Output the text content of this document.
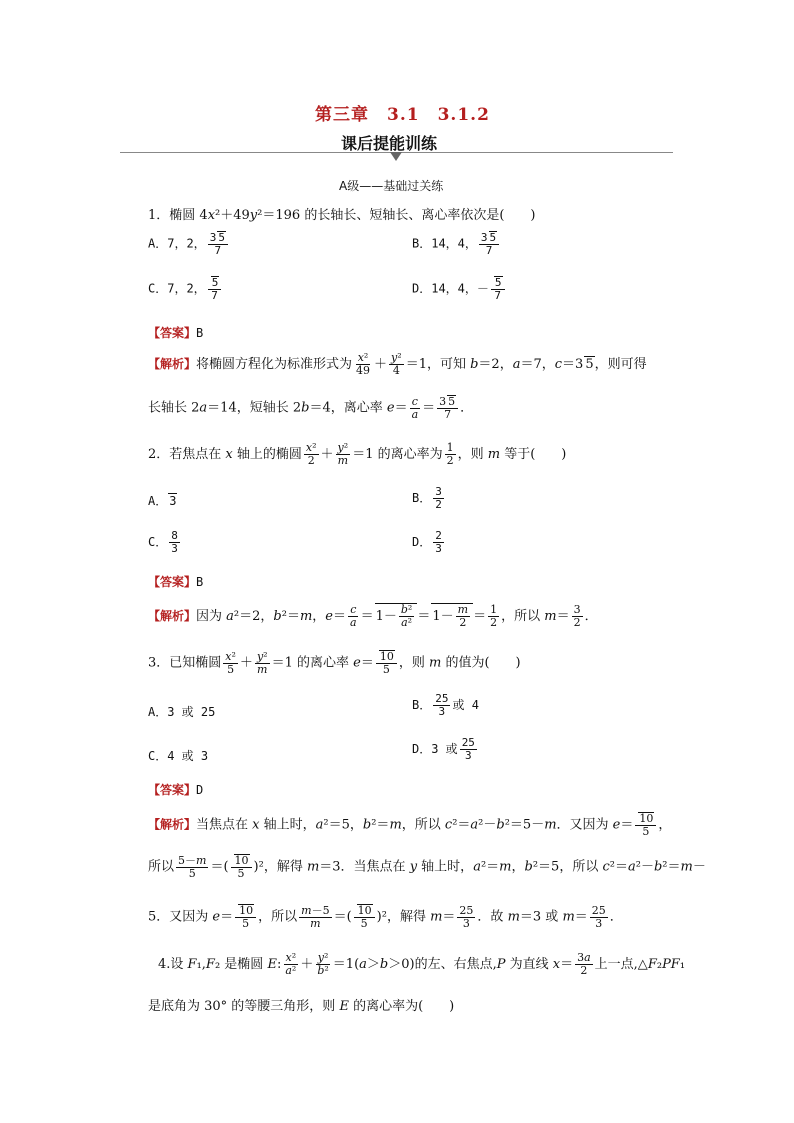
第三章　3.1　3.1.2
课后提能训练
A级——基础过关练
1．椭圆 4x²＋49y²＝196 的长轴长、短轴长、离心率依次是(　　)
A．7，2， $\frac{3 5}{7}$	B．14，4， $\frac{3 5}{7}$
C．7，2， $\frac{5}{7}$	D．14，4，－ $\frac{5}{7}$
【答案】B
【解析】将椭圆方程化为标准形式为 $\frac{\text{x²}}{49} + \frac{\text{y²}}{4} =1$，可知 b＝2，a＝7，c＝3 5，则可得
长轴长 2a＝14，短轴长 2b＝4，离心率 $e= \frac{c}{a} = \frac{3 5}{7}$ ．
2．若焦点在 x 轴上的椭圆 $\frac{\text{x²}}{2} + \frac{\text{y²}}{m} =1$ 的离心率为 $\frac{1}{2}$ ，则 m 等于(　　)
A． 3	B． $\frac{3}{2}$
C． $\frac{8}{3}$	D． $\frac{2}{3}$
【答案】B
【解析】因为 a²＝2，b²＝m，$e= \frac{c}{a} = 1- \frac{\text{b²}}{\text{a²}} = 1- \frac{m}{2} = \frac{1}{2}$ ，所以 $m= \frac{3}{2}$ ．
3．已知椭圆 $\frac{\text{x²}}{5} + \frac{\text{y²}}{m} =1$ 的离心率 $e= \frac{10}{5}$ ，则 m 的值为(　　)
A．3 或 25	B． $\frac{25}{3}$ 或 4
C．4 或 3	D．3 或 $\frac{25}{3}$
【答案】D
【解析】当焦点在 x 轴上时，a²＝5，b²＝m，所以 c²＝a²－b²＝5－m．又因为 $e= \frac{10}{5}$ ，
所以 $\frac{5-m}{5}$ ＝( $\frac{10}{5} )^2$，解得 m＝3．当焦点在 y 轴上时，a²＝m，b²＝5，所以 c²＝a²－b²＝m－
5．又因为 $e= \frac{10}{5}$ ，所以 $\frac{m-5}{m}$ ＝( $\frac{10}{5} )^2$，解得 $m= \frac{25}{3}$ ．故 m＝3 或 $m= \frac{25}{3}$ ．
4.设 F₁,F₂ 是椭圆 E: $\frac{\text{x²}}{\text{a²}} + \frac{\text{y²}}{\text{b²}} =1(a>b>0)$的左、右焦点,P 为直线 $x= \frac{3a}{2}$ 上一点,△F₂PF₁
是底角为 30° 的等腰三角形，则 E 的离心率为(　　)
